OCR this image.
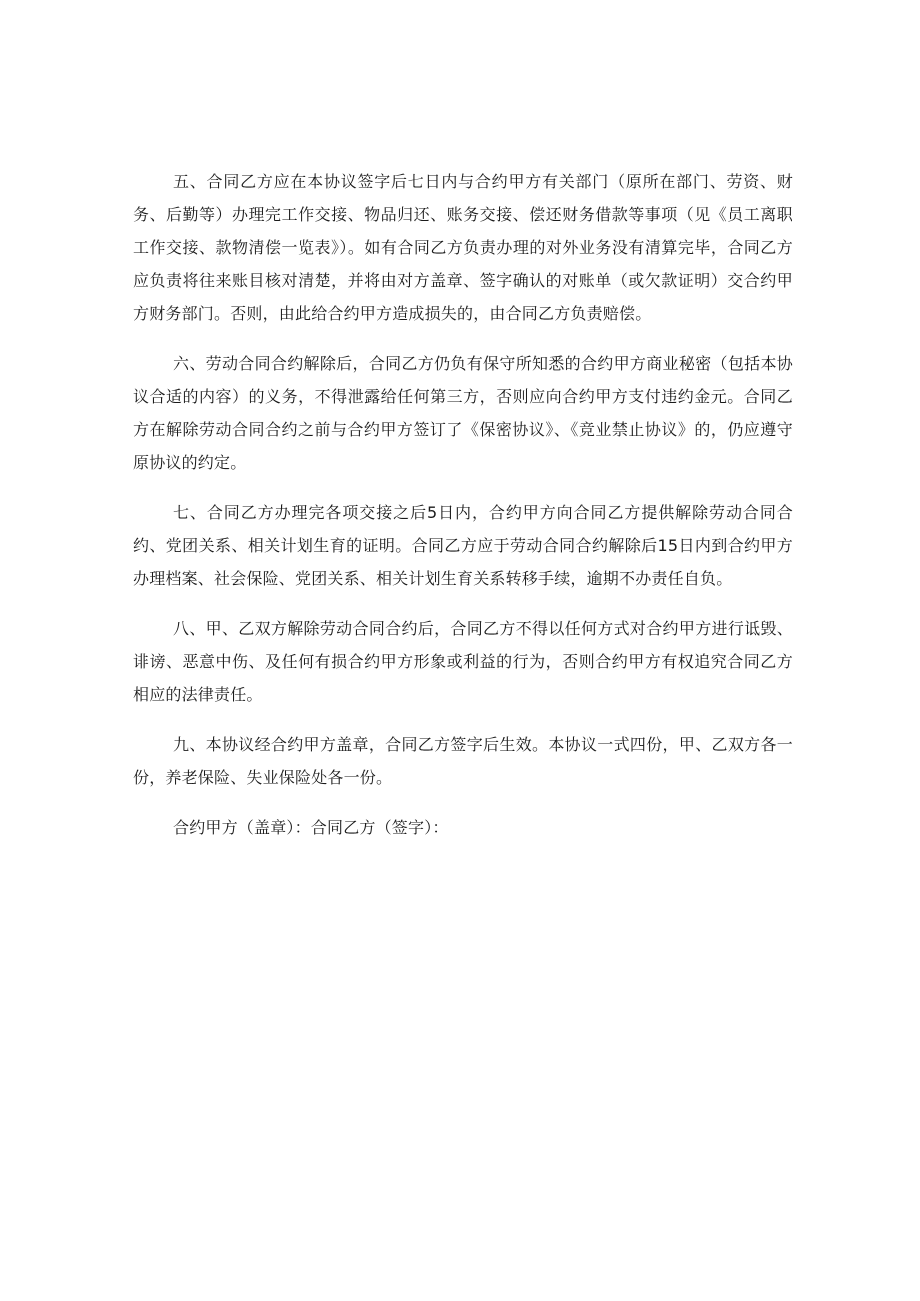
五、合同乙方应在本协议签字后七日内与合约甲方有关部门（原所在部门、劳资、财务、后勤等）办理完工作交接、物品归还、账务交接、偿还财务借款等事项（见《员工离职工作交接、款物清偿一览表》）。如有合同乙方负责办理的对外业务没有清算完毕，合同乙方应负责将往来账目核对清楚，并将由对方盖章、签字确认的对账单（或欠款证明）交合约甲方财务部门。否则，由此给合约甲方造成损失的，由合同乙方负责赔偿。

六、劳动合同合约解除后，合同乙方仍负有保守所知悉的合约甲方商业秘密（包括本协议合适的内容）的义务，不得泄露给任何第三方，否则应向合约甲方支付违约金元。合同乙方在解除劳动合同合约之前与合约甲方签订了《保密协议》、《竞业禁止协议》的，仍应遵守原协议的约定。

七、合同乙方办理完各项交接之后5日内，合约甲方向合同乙方提供解除劳动合同合约、党团关系、相关计划生育的证明。合同乙方应于劳动合同合约解除后15日内到合约甲方办理档案、社会保险、党团关系、相关计划生育关系转移手续，逾期不办责任自负。

八、甲、乙双方解除劳动合同合约后，合同乙方不得以任何方式对合约甲方进行诋毁、诽谤、恶意中伤、及任何有损合约甲方形象或利益的行为，否则合约甲方有权追究合同乙方相应的法律责任。

九、本协议经合约甲方盖章，合同乙方签字后生效。本协议一式四份，甲、乙双方各一份，养老保险、失业保险处各一份。

合约甲方（盖章）：合同乙方（签字）：
